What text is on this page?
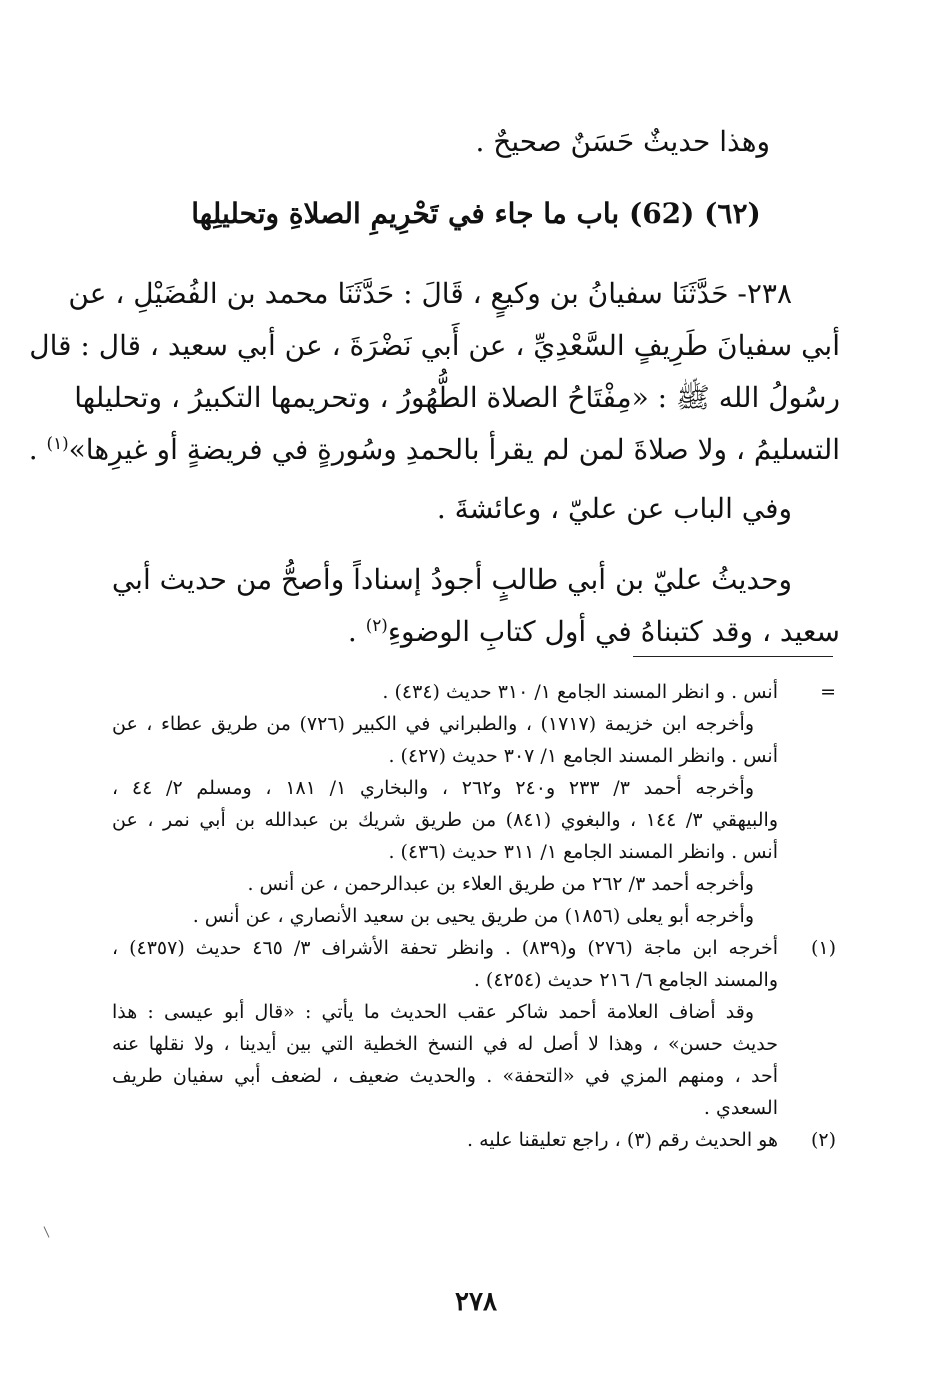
وهذا حديثٌ حَسَنٌ صحيحٌ .
(٦٢) (62) باب ما جاء في تَحْرِيمِ الصلاةِ وتحليلِها
٢٣٨- حَدَّثَنَا سفيانُ بن وكيعٍ ، قَالَ : حَدَّثَنَا محمد بن الفُضَيْلِ ، عن
أبي سفيانَ طَرِيفٍ السَّعْدِيِّ ، عن أَبي نَضْرَةَ ، عن أبي سعيد ، قال : قال
رسُولُ الله ﷺ : «مِفْتَاحُ الصلاة الطُّهُورُ ، وتحريمها التكبيرُ ، وتحليلها
التسليمُ ، ولا صلاةَ لمن لم يقرأ بالحمدِ وسُورةٍ في فريضةٍ أو غيرِها»$^{(١)}$ .
وفي الباب عن عليّ ، وعائشةَ .
وحديثُ عليّ بن أبي طالبٍ أجودُ إسناداً وأصحُّ من حديث أبي
سعيد ، وقد كتبناهُ في أول كتابِ الوضوءِ$^{(٢)}$ .
=
أنس . و انظر المسند الجامع ١/ ٣١٠ حديث (٤٣٤) .
وأخرجه ابن خزيمة (١٧١٧) ، والطبراني في الكبير (٧٢٦) من طريق عطاء ، عن
أنس . وانظر المسند الجامع ١/ ٣٠٧ حديث (٤٢٧) .
وأخرجه أحمد ٣/ ٢٣٣ و٢٤٠ و٢٦٢ ، والبخاري ١/ ١٨١ ، ومسلم ٢/ ٤٤ ،
والبيهقي ٣/ ١٤٤ ، والبغوي (٨٤١) من طريق شريك بن عبدالله بن أبي نمر ، عن
أنس . وانظر المسند الجامع ١/ ٣١١ حديث (٤٣٦) .
وأخرجه أحمد ٣/ ٢٦٢ من طريق العلاء بن عبدالرحمن ، عن أنس .
وأخرجه أبو يعلى (١٨٥٦) من طريق يحيى بن سعيد الأنصاري ، عن أنس .
(١)
أخرجه ابن ماجة (٢٧٦) و(٨٣٩) . وانظر تحفة الأشراف ٣/ ٤٦٥ حديث (٤٣٥٧) ،
والمسند الجامع ٦/ ٢١٦ حديث (٤٢٥٤) .
وقد أضاف العلامة أحمد شاكر عقب الحديث ما يأتي : «قال أبو عيسى : هذا
حديث حسن» ، وهذا لا أصل له في النسخ الخطية التي بين أيدينا ، ولا نقلها عنه
أحد ، ومنهم المزي في «التحفة» . والحديث ضعيف ، لضعف أبي سفيان طريف
السعدي .
(٢)
هو الحديث رقم (٣) ، راجع تعليقنا عليه .
٢٧٨
